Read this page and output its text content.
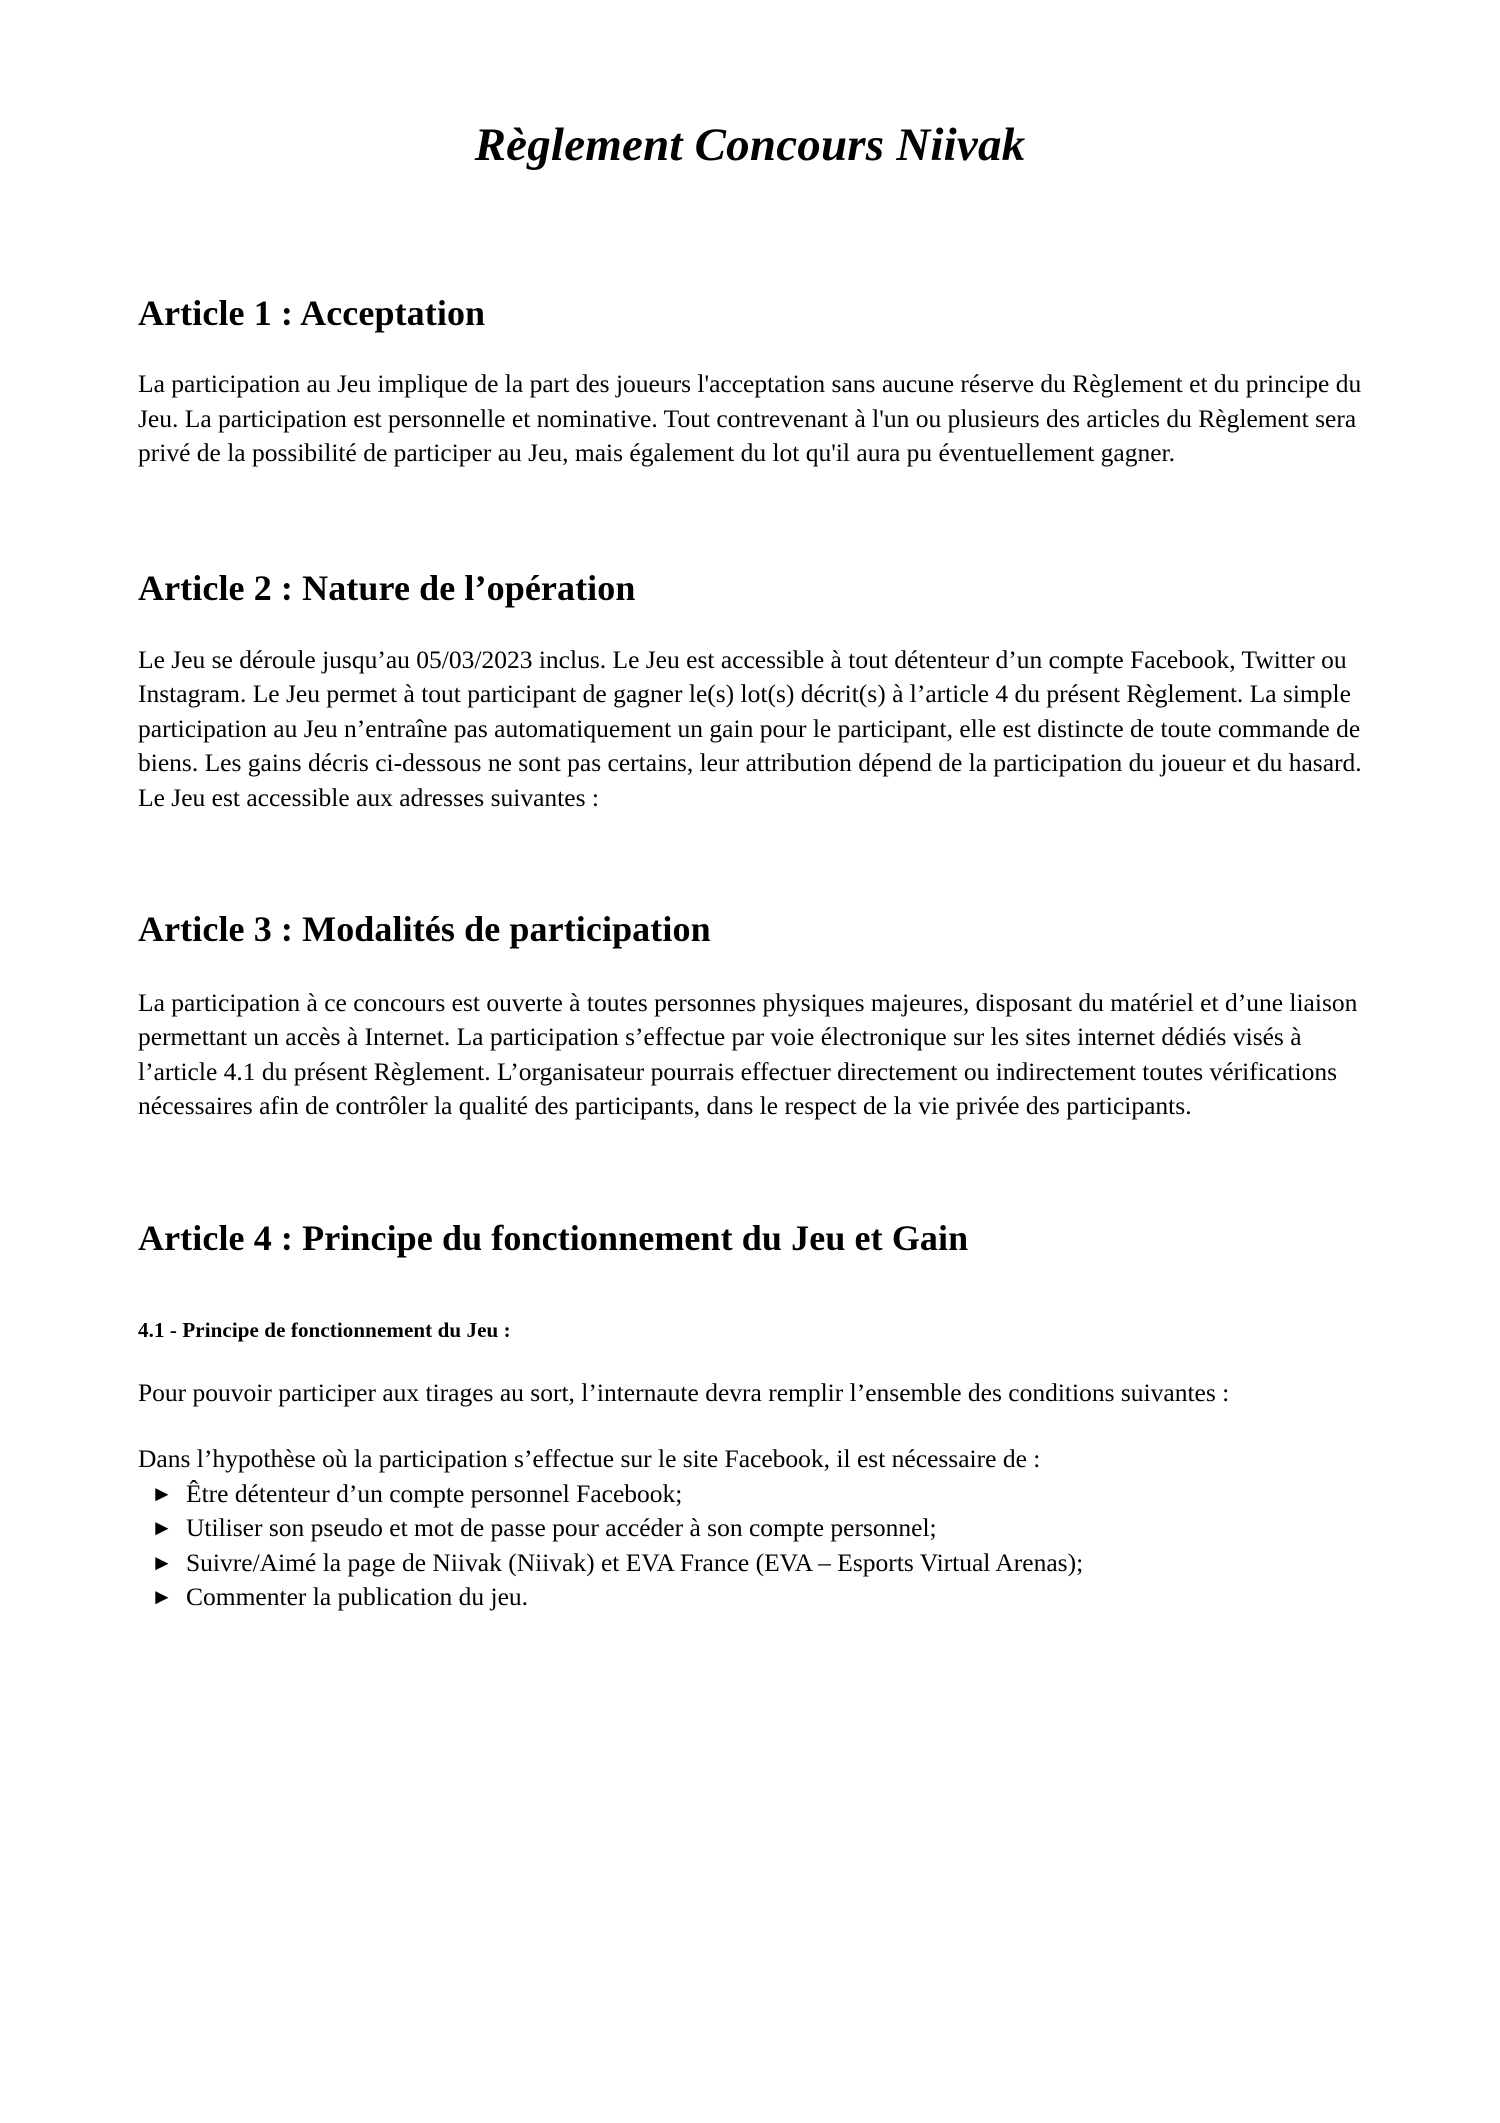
Règlement Concours Niivak
Article 1 : Acceptation

La participation au Jeu implique de la part des joueurs l'acceptation sans aucune réserve du Règlement et du principe du Jeu. La participation est personnelle et nominative. Tout contrevenant à l'un ou plusieurs des articles du Règlement sera privé de la possibilité de participer au Jeu, mais également du lot qu'il aura pu éventuellement gagner.

Article 2 : Nature de l’opération

Le Jeu se déroule jusqu’au 05/03/2023 inclus. Le Jeu est accessible à tout détenteur d’un compte Facebook, Twitter ou Instagram. Le Jeu permet à tout participant de gagner le(s) lot(s) décrit(s) à l’article 4 du présent Règlement. La simple participation au Jeu n’entraîne pas automatiquement un gain pour le participant, elle est distincte de toute commande de biens. Les gains décris ci-dessous ne sont pas certains, leur attribution dépend de la participation du joueur et du hasard. Le Jeu est accessible aux adresses suivantes :

Article 3 : Modalités de participation

La participation à ce concours est ouverte à toutes personnes physiques majeures, disposant du matériel et d’une liaison permettant un accès à Internet. La participation s’effectue par voie électronique sur les sites internet dédiés visés à l’article 4.1 du présent Règlement. L’organisateur pourrais effectuer directement ou indirectement toutes vérifications nécessaires afin de contrôler la qualité des participants, dans le respect de la vie privée des participants.

Article 4 : Principe du fonctionnement du Jeu et Gain
4.1 - Principe de fonctionnement du Jeu :

Pour pouvoir participer aux tirages au sort, l’internaute devra remplir l’ensemble des conditions suivantes :

Dans l’hypothèse où la participation s’effectue sur le site Facebook, il est nécessaire de :

► Être détenteur d’un compte personnel Facebook;
► Utiliser son pseudo et mot de passe pour accéder à son compte personnel;
► Suivre/Aimé la page de Niivak (Niivak) et EVA France (EVA – Esports Virtual Arenas);
► Commenter la publication du jeu.
